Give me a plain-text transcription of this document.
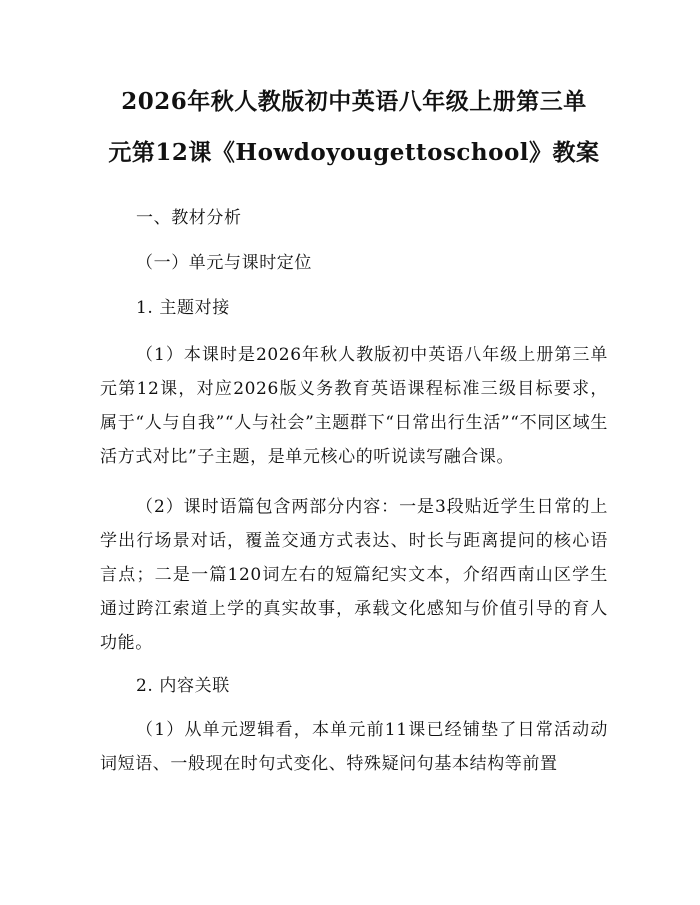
2026年秋人教版初中英语八年级上册第三单
元第12课《Howdoyougettoschool》教案

一、教材分析

（一）单元与课时定位

1. 主题对接

（1）本课时是2026年秋人教版初中英语八年级上册第三单元第12课，对应2026版义务教育英语课程标准三级目标要求，属于“人与自我”“人与社会”主题群下“日常出行生活”“不同区域生活方式对比”子主题，是单元核心的听说读写融合课。

（2）课时语篇包含两部分内容：一是3段贴近学生日常的上学出行场景对话，覆盖交通方式表达、时长与距离提问的核心语言点；二是一篇120词左右的短篇纪实文本，介绍西南山区学生通过跨江索道上学的真实故事，承载文化感知与价值引导的育人功能。

2. 内容关联

（1）从单元逻辑看，本单元前11课已经铺垫了日常活动动词短语、一般现在时句式变化、特殊疑问句基本结构等前置
